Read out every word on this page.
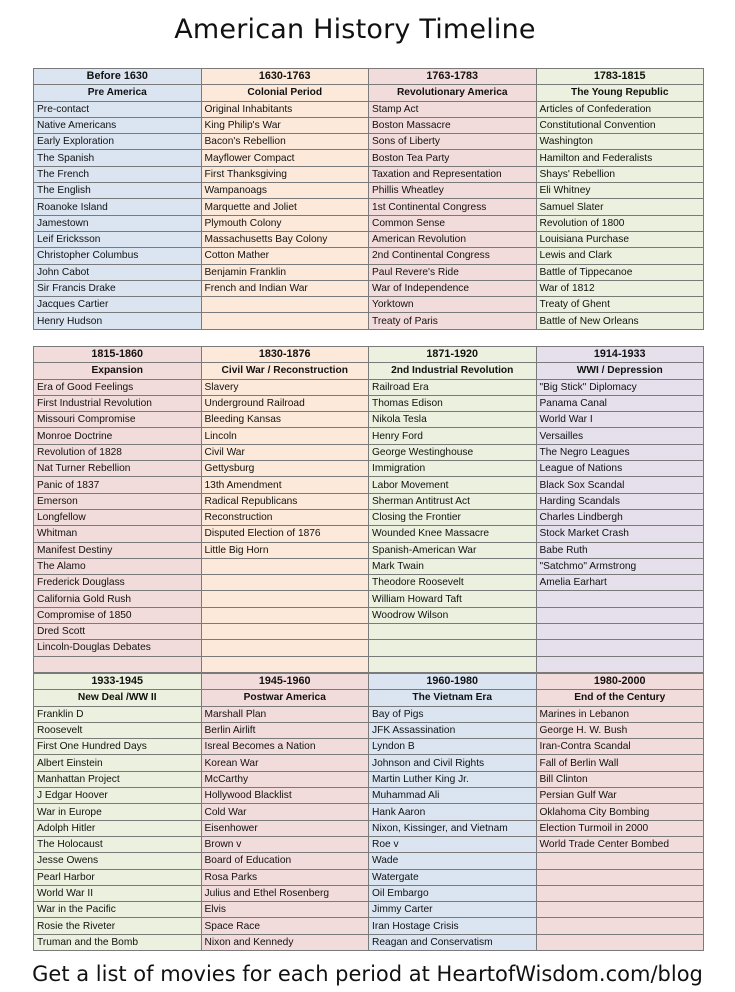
American History Timeline
Before 1630	1630-1763	1763-1783	1783-1815
Pre America	Colonial Period	Revolutionary America	The Young Republic
Pre-contact	Original Inhabitants	Stamp Act	Articles of Confederation
Native Americans	King Philip's War	Boston Massacre	Constitutional Convention
Early Exploration	Bacon's Rebellion	Sons of Liberty	Washington
The Spanish	Mayflower Compact	Boston Tea Party	Hamilton and Federalists
The French	First Thanksgiving	Taxation and Representation	Shays' Rebellion
The English	Wampanoags	Phillis Wheatley	Eli Whitney
Roanoke Island	Marquette and Joliet	1st Continental Congress	Samuel Slater
Jamestown	Plymouth Colony	Common Sense	Revolution of 1800
Leif Ericksson	Massachusetts Bay Colony	American Revolution	Louisiana Purchase
Christopher Columbus	Cotton Mather	2nd Continental Congress	Lewis and Clark
John Cabot	Benjamin Franklin	Paul Revere's Ride	Battle of Tippecanoe
Sir Francis Drake	French and Indian War	War of Independence	War of 1812
Jacques Cartier		Yorktown	Treaty of Ghent
Henry Hudson		Treaty of Paris	Battle of New Orleans
1815-1860	1830-1876	1871-1920	1914-1933
Expansion	Civil War / Reconstruction	2nd Industrial Revolution	WWI / Depression
Era of Good Feelings	Slavery	Railroad Era	"Big Stick" Diplomacy
First Industrial Revolution	Underground Railroad	Thomas Edison	Panama Canal
Missouri Compromise	Bleeding Kansas	Nikola Tesla	World War I
Monroe Doctrine	Lincoln	Henry Ford	Versailles
Revolution of 1828	Civil War	George Westinghouse	The Negro Leagues
Nat Turner Rebellion	Gettysburg	Immigration	League of Nations
Panic of 1837	13th Amendment	Labor Movement	Black Sox Scandal
Emerson	Radical Republicans	Sherman Antitrust Act	Harding Scandals
Longfellow	Reconstruction	Closing the Frontier	Charles Lindbergh
Whitman	Disputed Election of 1876	Wounded Knee Massacre	Stock Market Crash
Manifest Destiny	Little Big Horn	Spanish-American War	Babe Ruth
The Alamo		Mark Twain	"Satchmo" Armstrong
Frederick Douglass		Theodore Roosevelt	Amelia Earhart
California Gold Rush		William Howard Taft	
Compromise of 1850		Woodrow Wilson	
Dred Scott			
Lincoln-Douglas Debates			

1933-1945	1945-1960	1960-1980	1980-2000
New Deal /WW II	Postwar America	The Vietnam Era	End of the Century
Franklin D	Marshall Plan	Bay of Pigs	Marines in Lebanon
Roosevelt	Berlin Airlift	JFK Assassination	George H. W. Bush
First One Hundred Days	Isreal Becomes a Nation	Lyndon B	Iran-Contra Scandal
Albert Einstein	Korean War	Johnson and Civil Rights	Fall of Berlin Wall
Manhattan Project	McCarthy	Martin Luther King Jr.	Bill Clinton
J Edgar Hoover	Hollywood Blacklist	Muhammad Ali	Persian Gulf War
War in Europe	Cold War	Hank Aaron	Oklahoma City Bombing
Adolph Hitler	Eisenhower	Nixon, Kissinger, and Vietnam	Election Turmoil in 2000
The Holocaust	Brown v	Roe v	World Trade Center Bombed
Jesse Owens	Board of Education	Wade	
Pearl Harbor	Rosa Parks	Watergate	
World War II	Julius and Ethel Rosenberg	Oil Embargo	
War in the Pacific	Elvis	Jimmy Carter	
Rosie the Riveter	Space Race	Iran Hostage Crisis	
Truman and the Bomb	Nixon and Kennedy	Reagan and Conservatism	
Get a list of movies for each period at HeartofWisdom.com/blog
